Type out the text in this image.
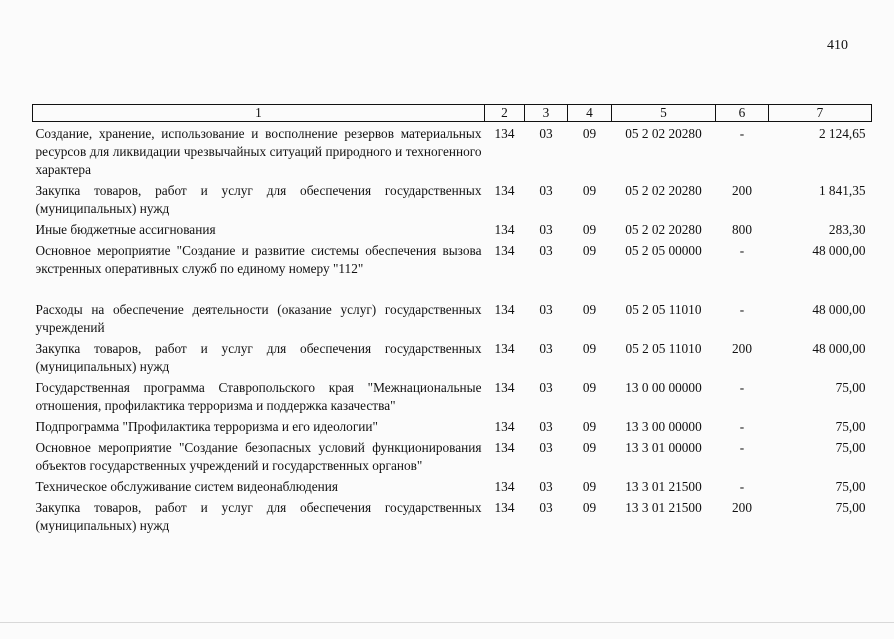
410
1	2	3	4	5	6	7
Создание, хранение, использование и восполнение резервов материальных ресурсов для ликвидации чрезвычайных ситуаций природного и техногенного характера	134	03	09	05 2 02 20280	-	2 124,65
Закупка товаров, работ и услуг для обеспечения государственных (муниципальных) нужд	134	03	09	05 2 02 20280	200	1 841,35
Иные бюджетные ассигнования	134	03	09	05 2 02 20280	800	283,30
Основное мероприятие "Создание и развитие системы обеспечения вызова экстренных оперативных служб по единому номеру "112"	134	03	09	05 2 05 00000	-	48 000,00
Расходы на обеспечение деятельности (оказание услуг) государственных учреждений	134	03	09	05 2 05 11010	-	48 000,00
Закупка товаров, работ и услуг для обеспечения государственных (муниципальных) нужд	134	03	09	05 2 05 11010	200	48 000,00
Государственная программа Ставропольского края "Межнациональные отношения, профилактика терроризма и поддержка казачества"	134	03	09	13 0 00 00000	-	75,00
Подпрограмма "Профилактика терроризма и его идеологии"	134	03	09	13 3 00 00000	-	75,00
Основное мероприятие "Создание безопасных условий функционирования объектов государственных учреждений и государственных органов"	134	03	09	13 3 01 00000	-	75,00
Техническое обслуживание систем видеонаблюдения	134	03	09	13 3 01 21500	-	75,00
Закупка товаров, работ и услуг для обеспечения государственных (муниципальных) нужд	134	03	09	13 3 01 21500	200	75,00
